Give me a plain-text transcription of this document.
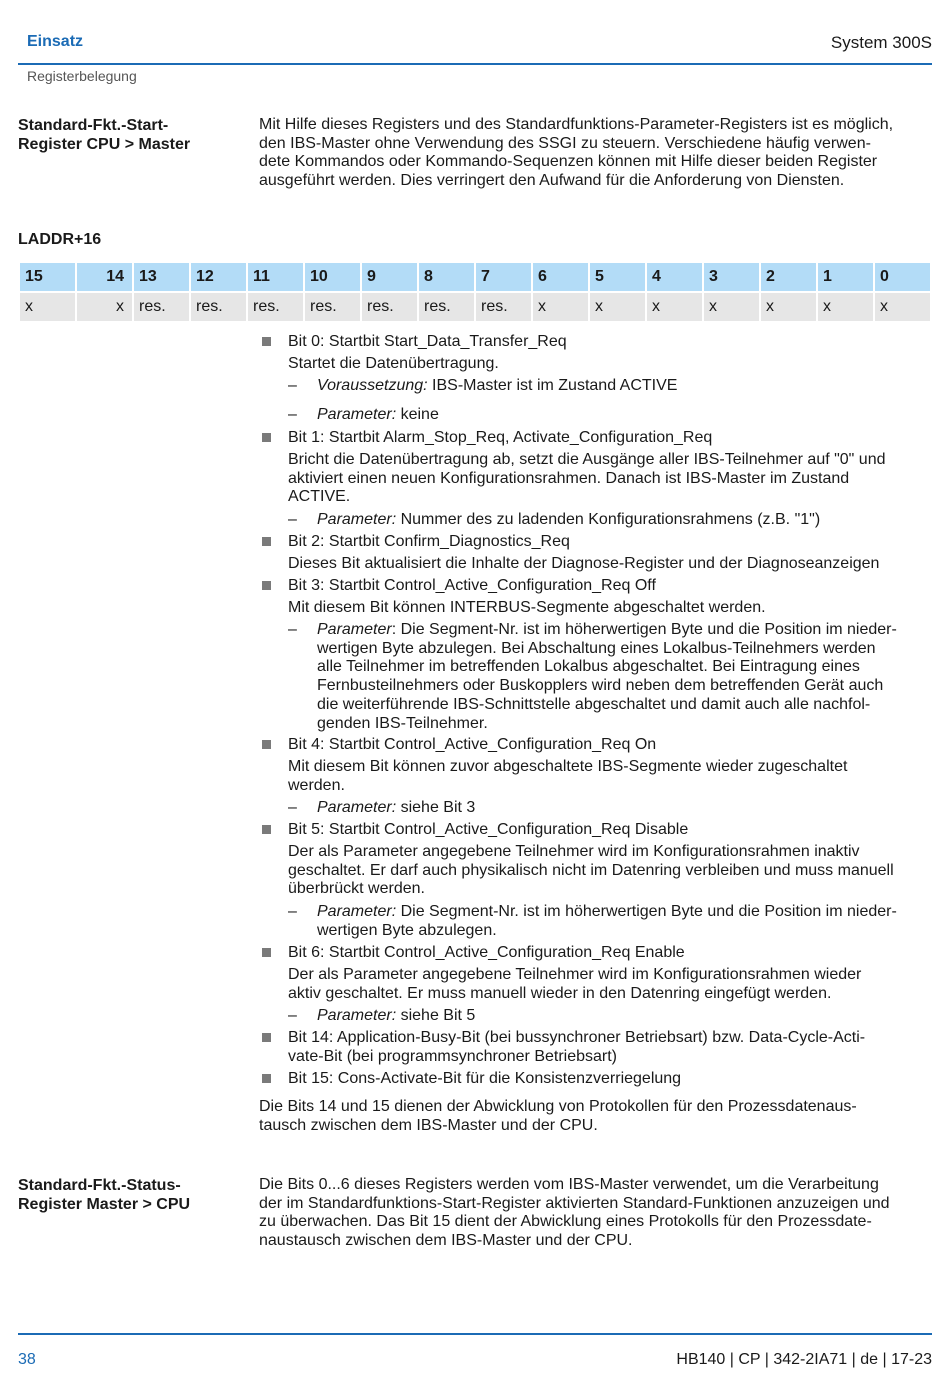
Einsatz	System 300S
Registerbelegung
Standard-Fkt.-Start-
Register CPU > Master
Mit Hilfe dieses Registers und des Standardfunktions-Parameter-Registers ist es möglich,
den IBS-Master ohne Verwendung des SSGI zu steuern. Verschiedene häufig verwen-
dete Kommandos oder Kommando-Sequenzen können mit Hilfe dieser beiden Register
ausgeführt werden. Dies verringert den Aufwand für die Anforderung von Diensten.
LADDR+16
15	14	13	12	11	10	9	8	7	6	5	4	3	2	1	0
x	x	res.	res.	res.	res.	res.	res.	res.	x	x	x	x	x	x	x
Bit 0: Startbit Start_Data_Transfer_Req
Startet die Datenübertragung.
– Voraussetzung: IBS-Master ist im Zustand ACTIVE
– Parameter: keine
Bit 1: Startbit Alarm_Stop_Req, Activate_Configuration_Req
Bricht die Datenübertragung ab, setzt die Ausgänge aller IBS-Teilnehmer auf "0" und
aktiviert einen neuen Konfigurationsrahmen. Danach ist IBS-Master im Zustand
ACTIVE.
– Parameter: Nummer des zu ladenden Konfigurationsrahmens (z.B. "1")
Bit 2: Startbit Confirm_Diagnostics_Req
Dieses Bit aktualisiert die Inhalte der Diagnose-Register und der Diagnoseanzeigen
Bit 3: Startbit Control_Active_Configuration_Req Off
Mit diesem Bit können INTERBUS-Segmente abgeschaltet werden.
– Parameter: Die Segment-Nr. ist im höherwertigen Byte und die Position im nieder-
wertigen Byte abzulegen. Bei Abschaltung eines Lokalbus-Teilnehmers werden
alle Teilnehmer im betreffenden Lokalbus abgeschaltet. Bei Eintragung eines
Fernbusteilnehmers oder Buskopplers wird neben dem betreffenden Gerät auch
die weiterführende IBS-Schnittstelle abgeschaltet und damit auch alle nachfol-
genden IBS-Teilnehmer.
Bit 4: Startbit Control_Active_Configuration_Req On
Mit diesem Bit können zuvor abgeschaltete IBS-Segmente wieder zugeschaltet
werden.
– Parameter: siehe Bit 3
Bit 5: Startbit Control_Active_Configuration_Req Disable
Der als Parameter angegebene Teilnehmer wird im Konfigurationsrahmen inaktiv
geschaltet. Er darf auch physikalisch nicht im Datenring verbleiben und muss manuell
überbrückt werden.
– Parameter: Die Segment-Nr. ist im höherwertigen Byte und die Position im nieder-
wertigen Byte abzulegen.
Bit 6: Startbit Control_Active_Configuration_Req Enable
Der als Parameter angegebene Teilnehmer wird im Konfigurationsrahmen wieder
aktiv geschaltet. Er muss manuell wieder in den Datenring eingefügt werden.
– Parameter: siehe Bit 5
Bit 14: Application-Busy-Bit (bei bussynchroner Betriebsart) bzw. Data-Cycle-Acti-
vate-Bit (bei programmsynchroner Betriebsart)
Bit 15: Cons-Activate-Bit für die Konsistenzverriegelung
Die Bits 14 und 15 dienen der Abwicklung von Protokollen für den Prozessdatenaus-
tausch zwischen dem IBS-Master und der CPU.
Standard-Fkt.-Status-
Register Master > CPU
Die Bits 0...6 dieses Registers werden vom IBS-Master verwendet, um die Verarbeitung
der im Standardfunktions-Start-Register aktivierten Standard-Funktionen anzuzeigen und
zu überwachen. Das Bit 15 dient der Abwicklung eines Protokolls für den Prozessdate-
naustausch zwischen dem IBS-Master und der CPU.
38	HB140 | CP | 342-2IA71 | de | 17-23
